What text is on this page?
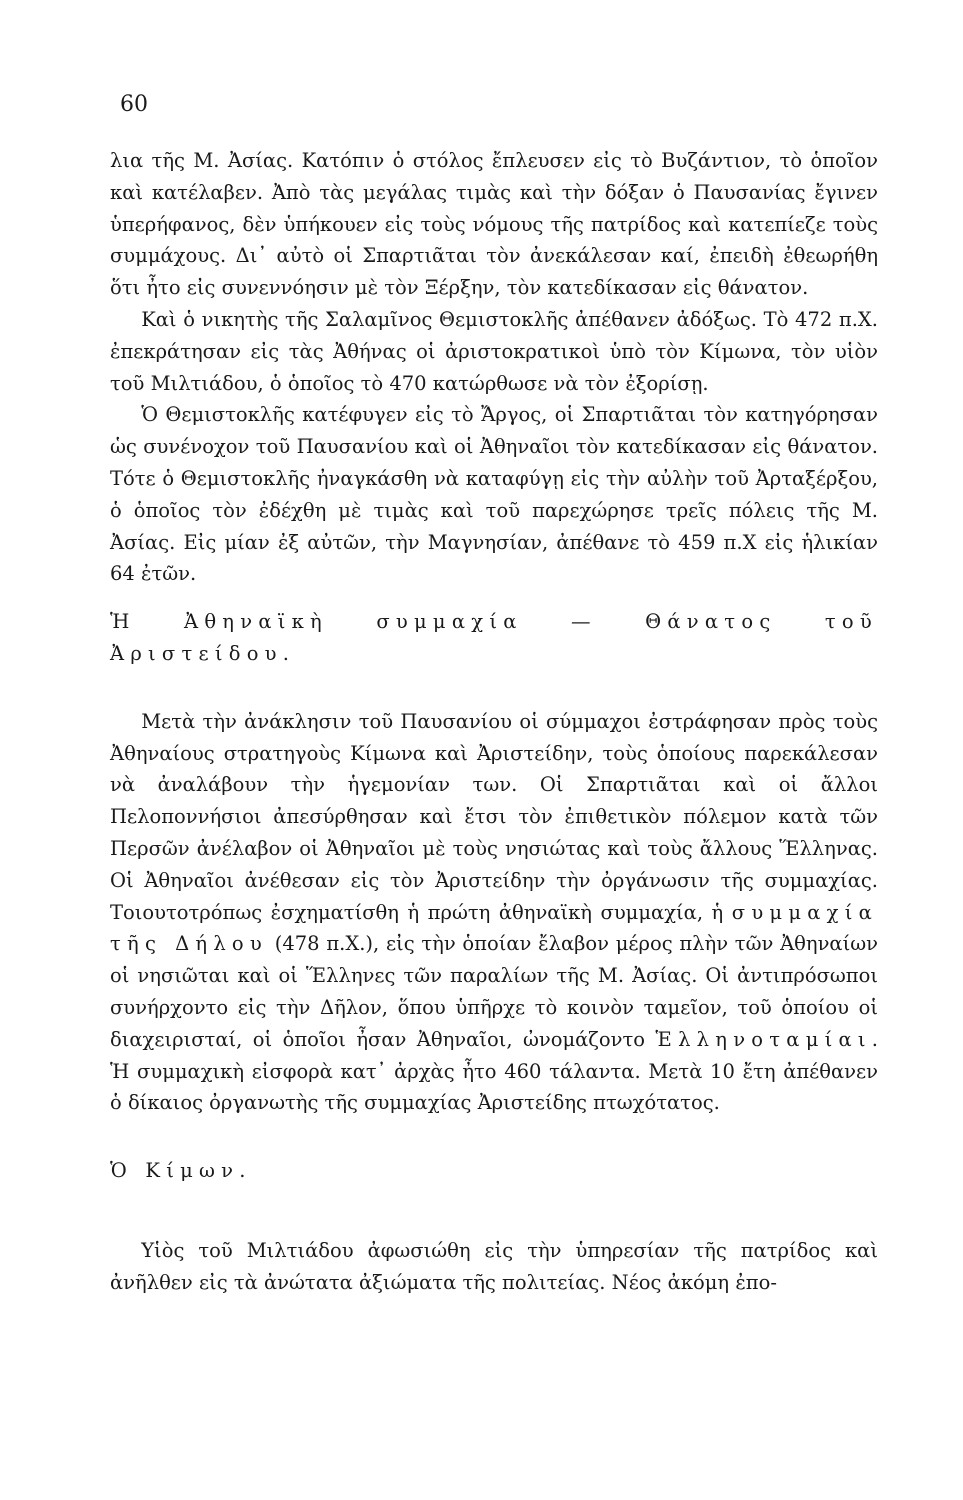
60

λια τῆς Μ. Ἀσίας. Κατόπιν ὁ στόλος ἔπλευσεν εἰς τὸ Βυζάντιον, τὸ ὁποῖον καὶ κατέλαβεν. Ἀπὸ τὰς μεγάλας τιμὰς καὶ τὴν δόξαν ὁ Παυσανίας ἔγινεν ὑπερήφανος, δὲν ὑπήκουεν εἰς τοὺς νόμους τῆς πατρίδος καὶ κατεπίεζε τοὺς συμμάχους. Δι᾿ αὐτὸ οἱ Σπαρτιᾶται τὸν ἀνεκάλεσαν καί, ἐπειδὴ ἐθεωρήθη ὅτι ἦτο εἰς συνεννόησιν μὲ τὸν Ξέρξην, τὸν κατεδίκασαν εἰς θάνατον.

Καὶ ὁ νικητὴς τῆς Σαλαμῖνος Θεμιστοκλῆς ἀπέθανεν ἀδόξως. Τὸ 472 π.Χ. ἐπεκράτησαν εἰς τὰς Ἀθήνας οἱ ἀριστοκρατικοὶ ὑπὸ τὸν Κίμωνα, τὸν υἱὸν τοῦ Μιλτιάδου, ὁ ὁποῖος τὸ 470 κατώρθωσε νὰ τὸν ἐξορίσῃ.

Ὁ Θεμιστοκλῆς κατέφυγεν εἰς τὸ Ἄργος, οἱ Σπαρτιᾶται τὸν κατηγόρησαν ὡς συνένοχον τοῦ Παυσανίου καὶ οἱ Ἀθηναῖοι τὸν κατεδίκασαν εἰς θάνατον. Τότε ὁ Θεμιστοκλῆς ἠναγκάσθη νὰ καταφύγῃ εἰς τὴν αὐλὴν τοῦ Ἀρταξέρξου, ὁ ὁποῖος τὸν ἐδέχθη μὲ τιμὰς καὶ τοῦ παρεχώρησε τρεῖς πόλεις τῆς Μ. Ἀσίας. Εἰς μίαν ἐξ αὐτῶν, τὴν Μαγνησίαν, ἀπέθανε τὸ 459 π.Χ εἰς ἡλικίαν 64 ἐτῶν.

Ἡ Ἀθηναϊκὴ συμμαχία — Θάνατος τοῦ Ἀριστείδου.

Μετὰ τὴν ἀνάκλησιν τοῦ Παυσανίου οἱ σύμμαχοι ἐστράφησαν πρὸς τοὺς Ἀθηναίους στρατηγοὺς Κίμωνα καὶ Ἀριστείδην, τοὺς ὁποίους παρεκάλεσαν νὰ ἀναλάβουν τὴν ἡγεμονίαν των. Οἱ Σπαρτιᾶται καὶ οἱ ἄλλοι Πελοποννήσιοι ἀπεσύρθησαν καὶ ἔτσι τὸν ἐπιθετικὸν πόλεμον κατὰ τῶν Περσῶν ἀνέλαβον οἱ Ἀθηναῖοι μὲ τοὺς νησιώτας καὶ τοὺς ἄλλους Ἕλληνας. Οἱ Ἀθηναῖοι ἀνέθεσαν εἰς τὸν Ἀριστείδην τὴν ὀργάνωσιν τῆς συμμαχίας. Τοιουτοτρόπως ἐσχηματίσθη ἡ πρώτη ἀθηναϊκὴ συμμαχία, ἡ συμμαχία τῆς Δήλου (478 π.Χ.), εἰς τὴν ὁποίαν ἔλαβον μέρος πλὴν τῶν Ἀθηναίων οἱ νησιῶται καὶ οἱ Ἕλληνες τῶν παραλίων τῆς Μ. Ἀσίας. Οἱ ἀντιπρόσωποι συνήρχοντο εἰς τὴν Δῆλον, ὅπου ὑπῆρχε τὸ κοινὸν ταμεῖον, τοῦ ὁποίου οἱ διαχειρισταί, οἱ ὁποῖοι ἦσαν Ἀθηναῖοι, ὠνομάζοντο Ἑλληνοταμίαι. Ἡ συμμαχικὴ εἰσφορὰ κατ᾿ ἀρχὰς ἦτο 460 τάλαντα. Μετὰ 10 ἔτη ἀπέθανεν ὁ δίκαιος ὀργανωτὴς τῆς συμμαχίας Ἀριστείδης πτωχότατος.

Ὁ Κίμων.

Υἱὸς τοῦ Μιλτιάδου ἀφωσιώθη εἰς τὴν ὑπηρεσίαν τῆς πατρίδος καὶ ἀνῆλθεν εἰς τὰ ἀνώτατα ἀξιώματα τῆς πολιτείας. Νέος ἀκόμη ἐπο-
